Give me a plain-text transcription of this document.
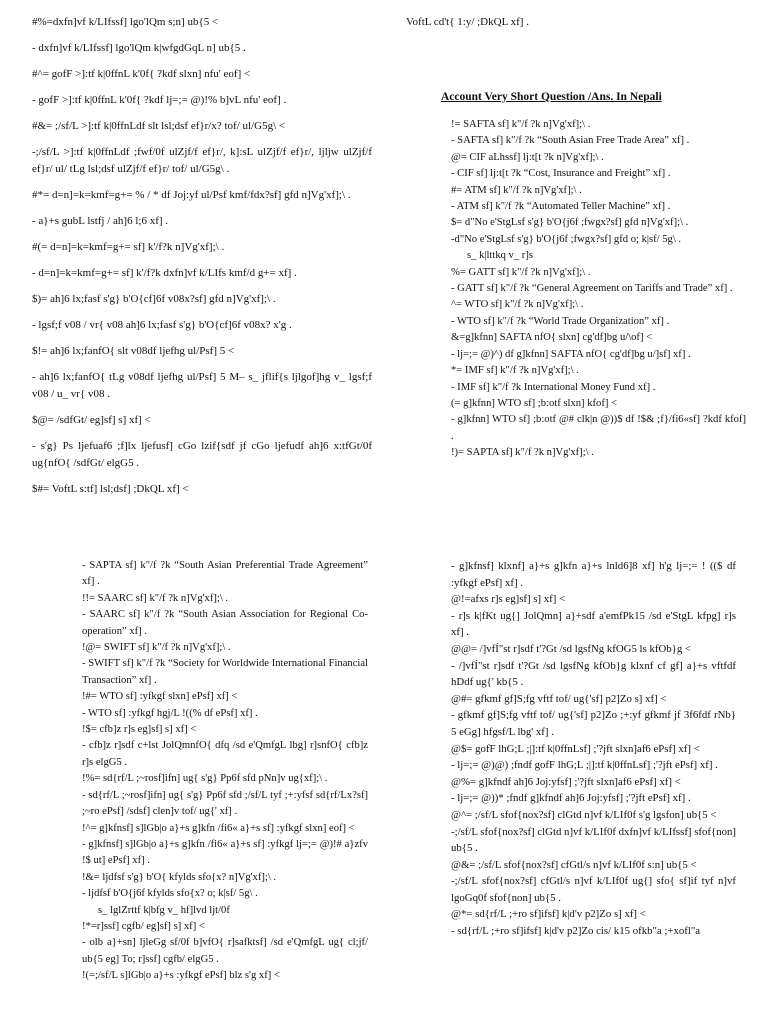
#%=dxfn]vf k/LIfssf] lgo'lQm s;n] ub{5 <

- dxfn]vf k/LIfssf] lgo'lQm k|wfgdGqL n] ub{5 .

#^= gofF >]:tf k|0ffnL k'0f{ ?kdf slxn] nfu' eof] <

- gofF >]:tf k|0ffnL k'0f{ ?kdf lj=;= @)!% b]vL nfu' eof] .

#&= ;/sf/L >]:tf k|0ffnLdf slt lsl;dsf ef}r/x? tof/ ul/G5g\ <

-;/sf/L >]:tf k|0ffnLdf ;fwf/0f ulZjf/f ef}r/, k]:sL ulZjf/f ef}r/, ljljw ulZjf/f ef}r/ ul/ tLg lsl;dsf ulZjf/f ef}r/ tof/ ul/G5g\ .

#*= d=n]=k=kmf=g+= % / * df Joj:yf ul/Psf kmf/fdx?sf] gfd n]Vg'xf];\ .

- a}+s gubL lstfj / ah]6 l;6 xf] .

#(= d=n]=k=kmf=g+= sf] k'/f?k n]Vg'xf];\ .

- d=n]=k=kmf=g+= sf] k'/f?k dxfn]vf k/LIfs kmf/d g+= xf] .

$)= ah]6 lx;fasf s'g} b'O{cf]6f v08x?sf] gfd n]Vg'xf];\ .

- lgsf;f v08 / vr{ v08 ah]6 lx;fasf s'g} b'O{cf]6f v08x? x'g .

$!= ah]6 lx;fanfO{ slt v08df ljefhg ul/Psf] 5 <

- ah]6 lx;fanfO{ tLg v08df ljefhg ul/Psf] 5 M– s_ jflif{s ljlgof]hg v_ lgsf;f v08 / u_ vr{ v08 .

$@= /sdfGt/ eg]sf] s] xf] <

- s'g} Ps ljefuaf6 ;f]lx ljefusf] cGo lzif{sdf jf cGo ljefudf ah]6 x:tfGt/0f ug{nfO{ /sdfGt/ elgG5 .

$#= VoftL s:tf] lsl;dsf] ;DkQL xf] <

VoftL cd't{ 1:y/ ;DkQL xf] .

Account Very Short Question /Ans. In Nepali

!= SAFTA sf] k"/f ?k n]Vg'xf];\ .

- SAFTA sf] k"/f ?k “South Asian Free Trade Area” xf] .

@= CIF aLhssf] lj:t[t ?k n]Vg'xf];\ .

- CIF sf] lj:t[t ?k “Cost, Insurance and Freight” xf] .

#= ATM sf] k"/f ?k n]Vg'xf];\ .

- ATM sf] k"/f ?k “Automated Teller Machine” xf] .

$= d"No e'StgLsf s'g} b'O{j6f ;fwgx?sf] gfd n]Vg'xf];\ .

-d"No e'StgLsf s'g} b'O{j6f ;fwgx?sf] gfd o; k|sf/ 5g\ .

s_ k|lttkq v_ r]s

%= GATT sf] k"/f ?k n]Vg'xf];\ .

- GATT sf] k"/f ?k “General Agreement on Tariffs and Trade” xf] .

^= WTO sf] k"/f ?k n]Vg'xf];\ .

- WTO sf] k"/f ?k “World Trade Organization” xf] .

&=g]kfnn] SAFTA nfO{ slxn] cg'df]bg u/\of] <

- lj=;= @)^) df g]kfnn] SAFTA nfO{ cg'df]bg u/]sf] xf] .

*= IMF sf] k"/f ?k n]Vg'xf];\ .

- IMF sf] k"/f ?k International Money Fund xf] .

(= g]kfnn] WTO sf] ;b:otf slxn] kfof] <

- g]kfnn] WTO sf] ;b:otf @# clk|n @))$ df !$& ;f}/fi6«sf] ?kdf kfof] .

!)= SAPTA sf] k"/f ?k n]Vg'xf];\ .

- SAPTA sf] k"/f ?k “South Asian Preferential Trade Agreement” xf] .

!!= SAARC sf] k"/f ?k n]Vg'xf];\ .

- SAARC sf] k"/f ?k “South Asian Association for Regional Co-operation” xf] .

!@= SWIFT sf] k"/f ?k n]Vg'xf];\ .

- SWIFT sf] k"/f ?k “Society for Worldwide International Financial Transaction” xf] .

!#= WTO sf] :yfkgf slxn] ePsf] xf] <

- WTO sf] :yfkgf hgj/L !((% df ePsf] xf] .

!$= cfb]z r]s eg]sf] s] xf] <

- cfb]z r]sdf c+lst JolQmnfO{ dfq /sd e'QmfgL lbg] r]snfO{ cfb]z r]s elgG5 .

!%= sd{rf/L ;~rosf]ifn] ug{ s'g} Pp6f sfd pNn]v ug{xf];\ .

- sd{rf/L ;~rosf]ifn] ug{ s'g} Pp6f sfd ;/sf/L tyf ;+:yfsf sd{rf/Lx?sf] ;~ro ePsf] /sdsf] clen]v tof/ ug{' xf] .

!^= g]kfnsf] s]lGb|o a}+s g]kfn /fi6« a}+s sf] :yfkgf slxn] eof] <

- g]kfnsf] s]lGb|o a}+s g]kfn /fi6« a}+s sf] :yfkgf lj=;= @)!# a}zfv !$ ut] ePsf] xf] .

!&= ljdfsf s'g} b'O{ kfylds sfo{x? n]Vg'xf];\ .

- ljdfsf b'O{j6f kfylds sfo{x? o; k|sf/ 5g\ .

s_ lglZrttf k|bfg v_ hf]lvd ljt/0f

!*=r]ssf] cgfb/ eg]sf] s] xf] <

- olb a}+sn] ljleGg sf/0f b]vfO{ r]safktsf] /sd e'QmfgL ug{ cl;jf/ ub{5 eg] To; r]ssf] cgfb/ elgG5 .

!(=;/sf/L s]lGb|o a}+s :yfkgf ePsf] blz s'g xf] <

- g]kfnsf] klxnf] a}+s g]kfn a}+s lnld6]8 xf] h'g lj=;= ! (($ df :yfkgf ePsf] xf] .

@!=afxs r]s eg]sf] s] xf] <

- r]s k|fKt ug{] JolQmn] a}+sdf a'emfPk15 /sd e'StgL kfpg] r]s xf] .

@@= /]vfÍ"st r]sdf t'?Gt /sd lgsfNg kfOG5 ls kfOb}g <

- /]vfÍ"st r]sdf t'?Gt /sd lgsfNg kfOb}g klxnf cf gf] a}+s vftfdf hDdf ug{' kb{5 .

@#= gfkmf gf]S;fg vftf tof/ ug{'sf] p2]Zo s] xf] <

- gfkmf gf]S;fg vftf tof/ ug{'sf] p2]Zo ;+:yf gfkmf jf 3f6fdf rNb} 5 eGg] hfgsf/L lbg' xf] .

@$= gofF lhG;L ;|]:tf k|0ffnLsf] ;'?jft slxn]af6 ePsf] xf] <

- lj=;= @)@) ;fndf gofF lhG;L ;|]:tf k|0ffnLsf] ;'?jft ePsf] xf] .

@%= g]kfndf ah]6 Joj:yfsf] ;'?jft slxn]af6 ePsf] xf] <

- lj=;= @))* ;fndf g]kfndf ah]6 Joj:yfsf] ;'?jft ePsf] xf] .

@^= ;/sf/L sfof{nox?sf] clGtd n]vf k/LIf0f s'g lgsfon] ub{5 <

-;/sf/L sfof{nox?sf] clGtd n]vf k/LIf0f dxfn]vf k/LIfssf] sfof{non] ub{5 .

@&= ;/sf/L sfof{nox?sf] cfGtl/s n]vf k/LIf0f s:n] ub{5 <

-;/sf/L sfof{nox?sf] cfGtl/s n]vf k/LIf0f ug{] sfo{ sf]if tyf n]vf lgoGq0f sfof{non] ub{5 .

@*= sd{rf/L ;+ro sf]ifsf] k|d'v p2]Zo s] xf] <

- sd{rf/L ;+ro sf]ifsf] k|d'v p2]Zo cis/ k15 ofkb"a ;+xofl"a
